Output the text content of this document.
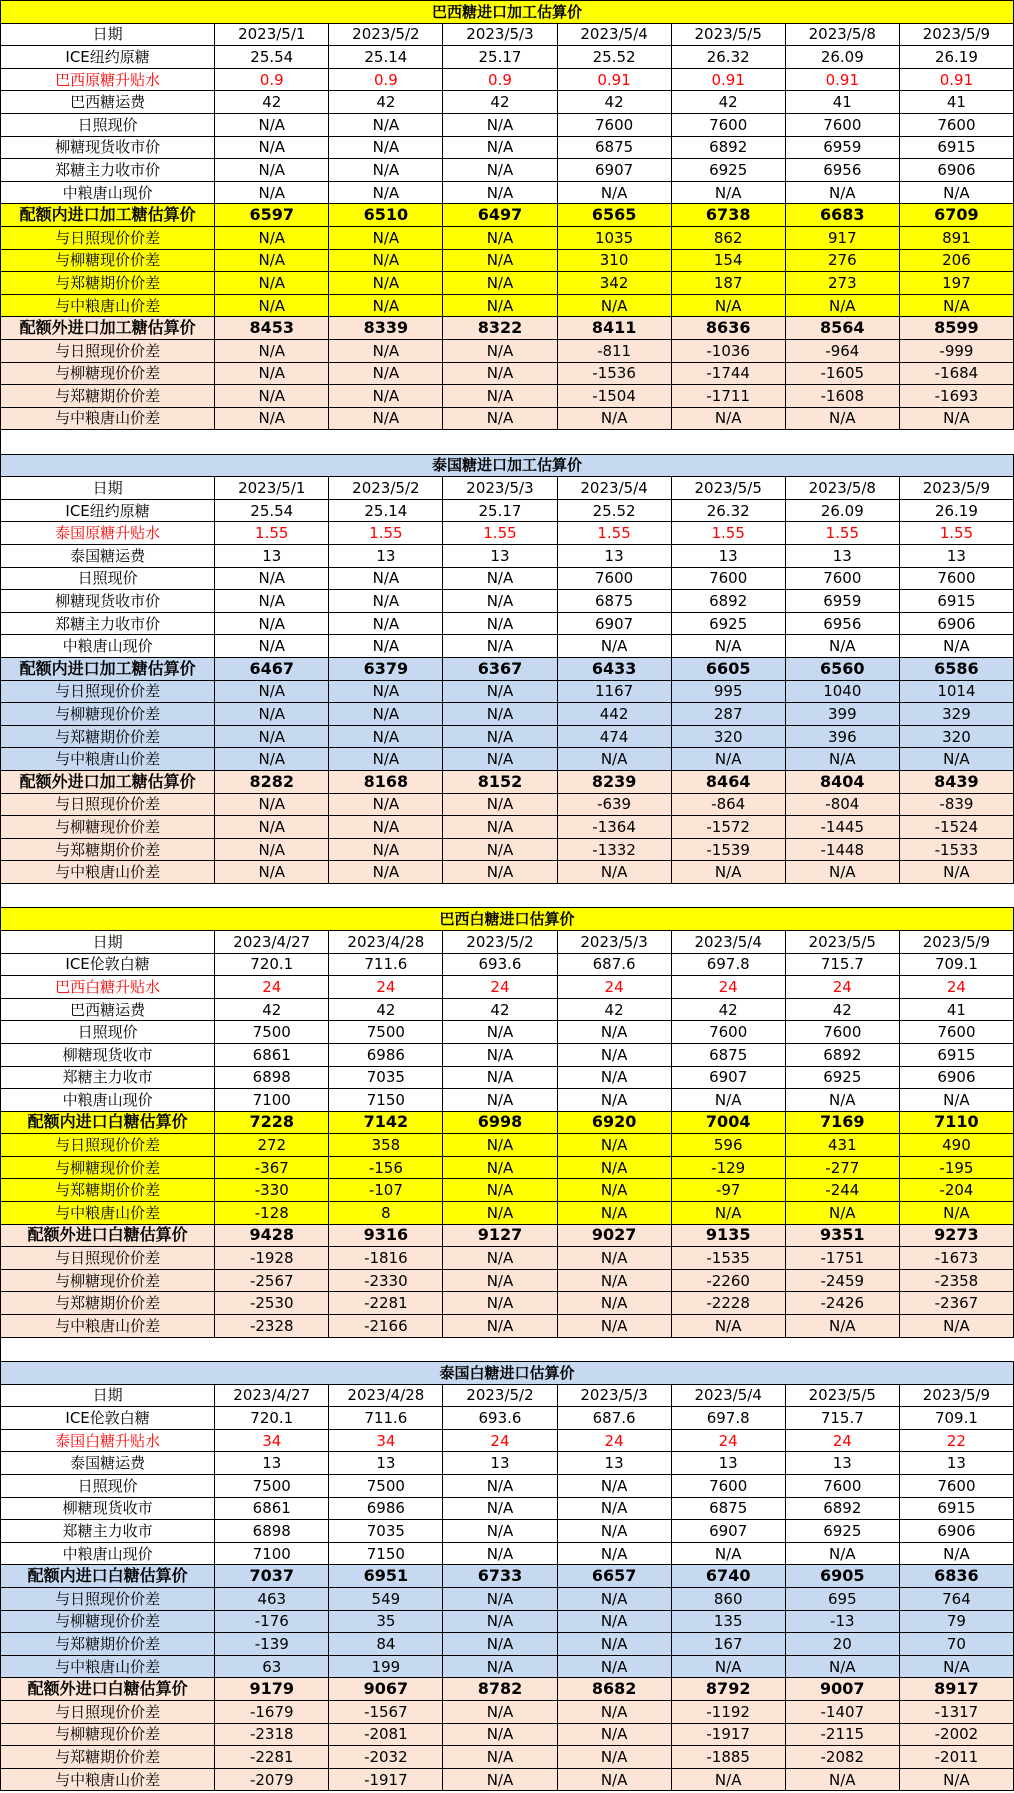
巴西糖进口加工估算价							
日期	2023/5/1	2023/5/2	2023/5/3	2023/5/4	2023/5/5	2023/5/8	2023/5/9
ICE纽约原糖	25.54	25.14	25.17	25.52	26.32	26.09	26.19
巴西原糖升贴水	0.9	0.9	0.9	0.91	0.91	0.91	0.91
巴西糖运费	42	42	42	42	42	41	41
日照现价	N/A	N/A	N/A	7600	7600	7600	7600
柳糖现货收市价	N/A	N/A	N/A	6875	6892	6959	6915
郑糖主力收市价	N/A	N/A	N/A	6907	6925	6956	6906
中粮唐山现价	N/A	N/A	N/A	N/A	N/A	N/A	N/A
配额内进口加工糖估算价	6597	6510	6497	6565	6738	6683	6709
与日照现价价差	N/A	N/A	N/A	1035	862	917	891
与柳糖现价价差	N/A	N/A	N/A	310	154	276	206
与郑糖期价价差	N/A	N/A	N/A	342	187	273	197
与中粮唐山价差	N/A	N/A	N/A	N/A	N/A	N/A	N/A
配额外进口加工糖估算价	8453	8339	8322	8411	8636	8564	8599
与日照现价价差	N/A	N/A	N/A	-811	-1036	-964	-999
与柳糖现价价差	N/A	N/A	N/A	-1536	-1744	-1605	-1684
与郑糖期价价差	N/A	N/A	N/A	-1504	-1711	-1608	-1693
与中粮唐山价差	N/A	N/A	N/A	N/A	N/A	N/A	N/A
泰国糖进口加工估算价							
日期	2023/5/1	2023/5/2	2023/5/3	2023/5/4	2023/5/5	2023/5/8	2023/5/9
ICE纽约原糖	25.54	25.14	25.17	25.52	26.32	26.09	26.19
泰国原糖升贴水	1.55	1.55	1.55	1.55	1.55	1.55	1.55
泰国糖运费	13	13	13	13	13	13	13
日照现价	N/A	N/A	N/A	7600	7600	7600	7600
柳糖现货收市价	N/A	N/A	N/A	6875	6892	6959	6915
郑糖主力收市价	N/A	N/A	N/A	6907	6925	6956	6906
中粮唐山现价	N/A	N/A	N/A	N/A	N/A	N/A	N/A
配额内进口加工糖估算价	6467	6379	6367	6433	6605	6560	6586
与日照现价价差	N/A	N/A	N/A	1167	995	1040	1014
与柳糖现价价差	N/A	N/A	N/A	442	287	399	329
与郑糖期价价差	N/A	N/A	N/A	474	320	396	320
与中粮唐山价差	N/A	N/A	N/A	N/A	N/A	N/A	N/A
配额外进口加工糖估算价	8282	8168	8152	8239	8464	8404	8439
与日照现价价差	N/A	N/A	N/A	-639	-864	-804	-839
与柳糖现价价差	N/A	N/A	N/A	-1364	-1572	-1445	-1524
与郑糖期价价差	N/A	N/A	N/A	-1332	-1539	-1448	-1533
与中粮唐山价差	N/A	N/A	N/A	N/A	N/A	N/A	N/A
巴西白糖进口估算价							
日期	2023/4/27	2023/4/28	2023/5/2	2023/5/3	2023/5/4	2023/5/5	2023/5/9
ICE伦敦白糖	720.1	711.6	693.6	687.6	697.8	715.7	709.1
巴西白糖升贴水	24	24	24	24	24	24	24
巴西糖运费	42	42	42	42	42	42	41
日照现价	7500	7500	N/A	N/A	7600	7600	7600
柳糖现货收市	6861	6986	N/A	N/A	6875	6892	6915
郑糖主力收市	6898	7035	N/A	N/A	6907	6925	6906
中粮唐山现价	7100	7150	N/A	N/A	N/A	N/A	N/A
配额内进口白糖估算价	7228	7142	6998	6920	7004	7169	7110
与日照现价价差	272	358	N/A	N/A	596	431	490
与柳糖现价价差	-367	-156	N/A	N/A	-129	-277	-195
与郑糖期价价差	-330	-107	N/A	N/A	-97	-244	-204
与中粮唐山价差	-128	8	N/A	N/A	N/A	N/A	N/A
配额外进口白糖估算价	9428	9316	9127	9027	9135	9351	9273
与日照现价价差	-1928	-1816	N/A	N/A	-1535	-1751	-1673
与柳糖现价价差	-2567	-2330	N/A	N/A	-2260	-2459	-2358
与郑糖期价价差	-2530	-2281	N/A	N/A	-2228	-2426	-2367
与中粮唐山价差	-2328	-2166	N/A	N/A	N/A	N/A	N/A
泰国白糖进口估算价							
日期	2023/4/27	2023/4/28	2023/5/2	2023/5/3	2023/5/4	2023/5/5	2023/5/9
ICE伦敦白糖	720.1	711.6	693.6	687.6	697.8	715.7	709.1
泰国白糖升贴水	34	34	24	24	24	24	22
泰国糖运费	13	13	13	13	13	13	13
日照现价	7500	7500	N/A	N/A	7600	7600	7600
柳糖现货收市	6861	6986	N/A	N/A	6875	6892	6915
郑糖主力收市	6898	7035	N/A	N/A	6907	6925	6906
中粮唐山现价	7100	7150	N/A	N/A	N/A	N/A	N/A
配额内进口白糖估算价	7037	6951	6733	6657	6740	6905	6836
与日照现价价差	463	549	N/A	N/A	860	695	764
与柳糖现价价差	-176	35	N/A	N/A	135	-13	79
与郑糖期价价差	-139	84	N/A	N/A	167	20	70
与中粮唐山价差	63	199	N/A	N/A	N/A	N/A	N/A
配额外进口白糖估算价	9179	9067	8782	8682	8792	9007	8917
与日照现价价差	-1679	-1567	N/A	N/A	-1192	-1407	-1317
与柳糖现价价差	-2318	-2081	N/A	N/A	-1917	-2115	-2002
与郑糖期价价差	-2281	-2032	N/A	N/A	-1885	-2082	-2011
与中粮唐山价差	-2079	-1917	N/A	N/A	N/A	N/A	N/A
